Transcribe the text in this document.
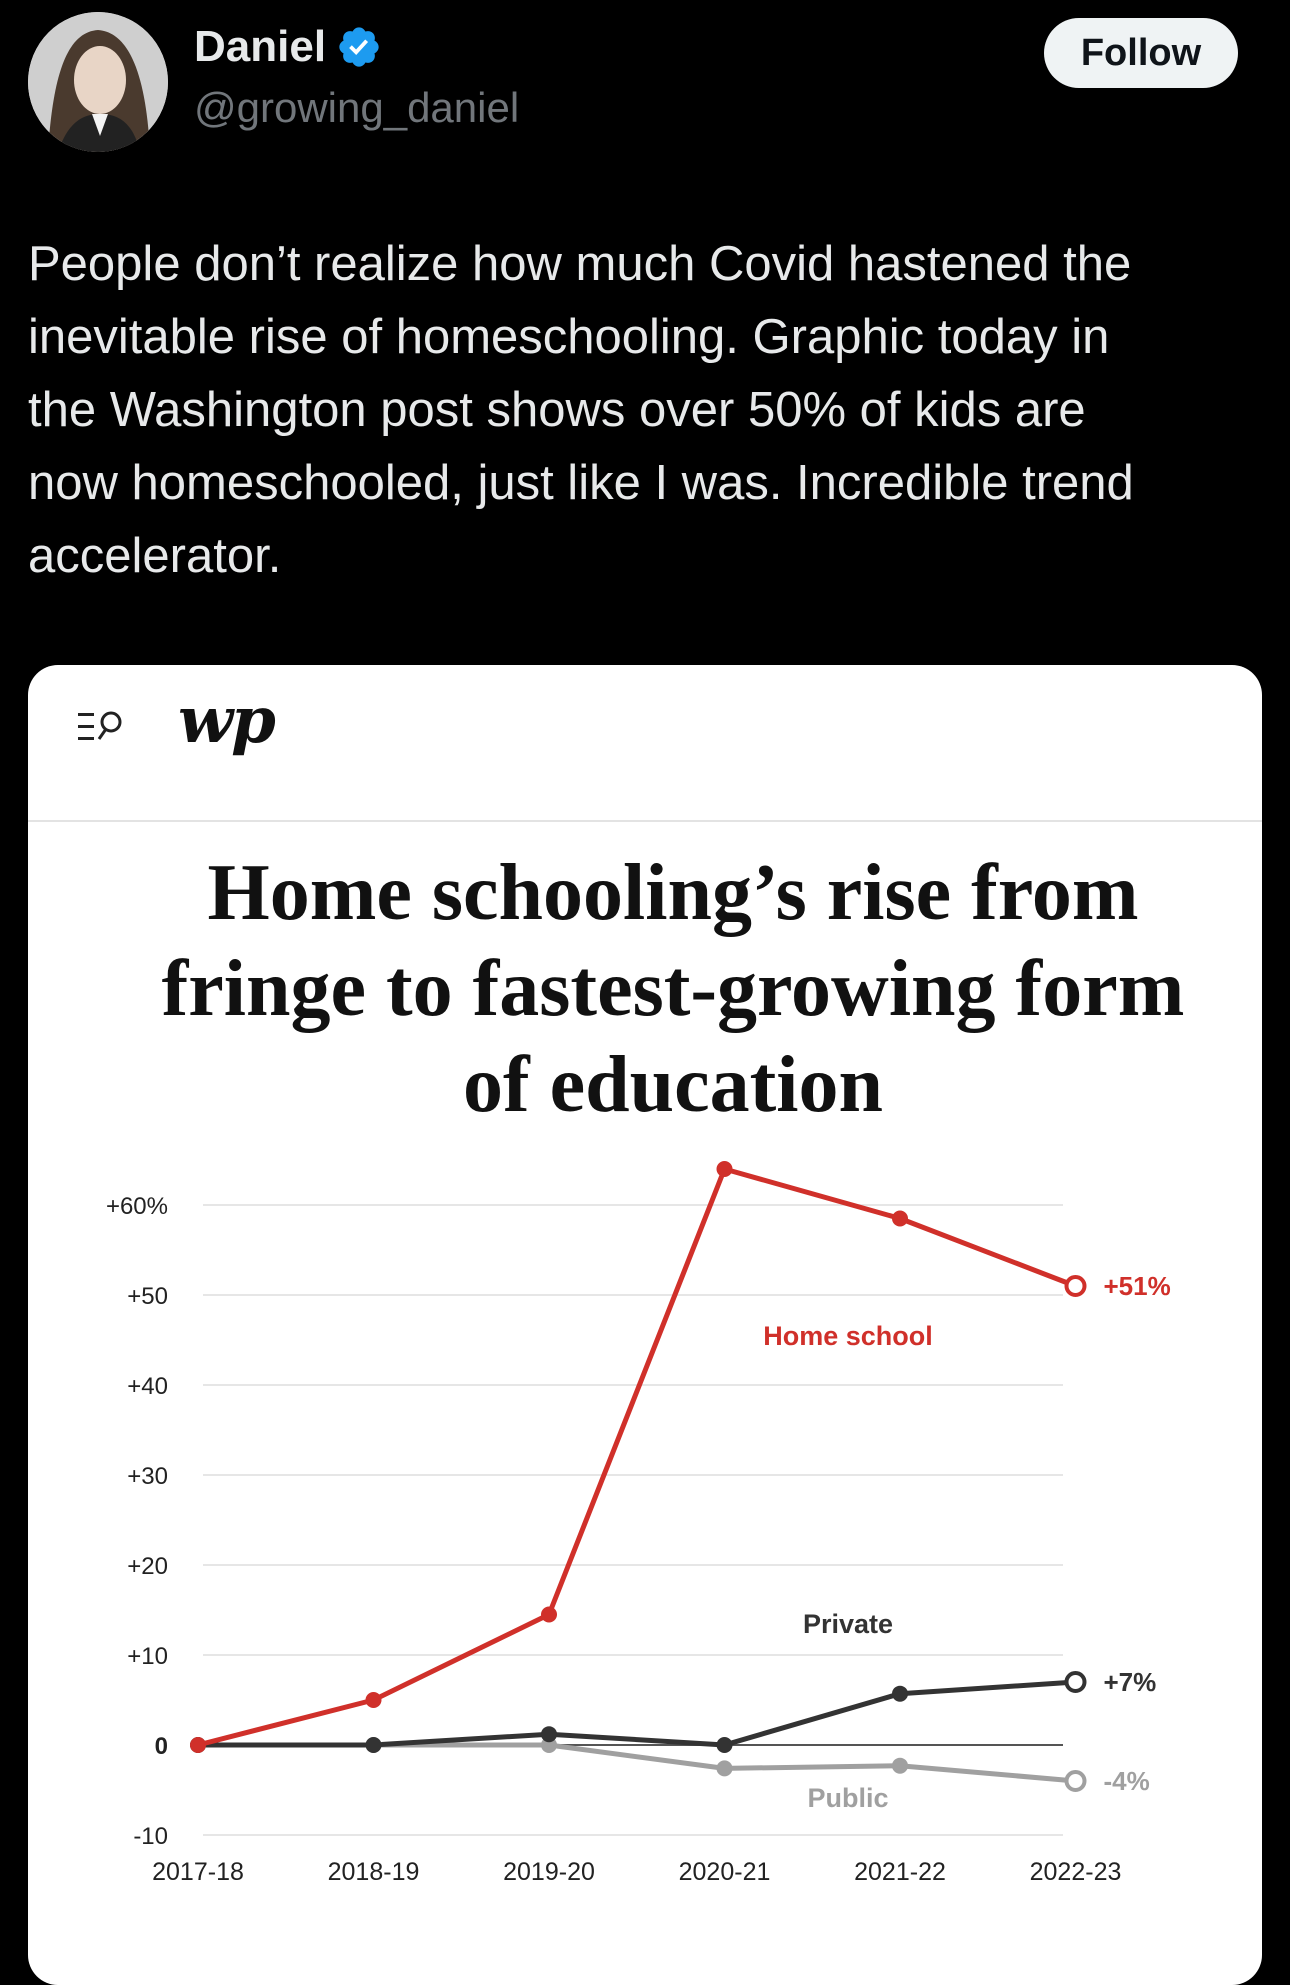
Daniel
@growing_daniel
Follow

People don’t realize how much Covid hastened the
inevitable rise of homeschooling. Graphic today in
the Washington post shows over 50% of kids are
now homeschooled, just like I was. Incredible trend
accelerator.

wp
Home schooling’s rise from
fringe to fastest-growing form
of education
+60%
+50
+40
+30
+20
+10
0
-10
2017-18	2018-19	2019-20	2020-21	2021-22	2022-23
-4%
+7%
+51%
Home school
Private
Public
